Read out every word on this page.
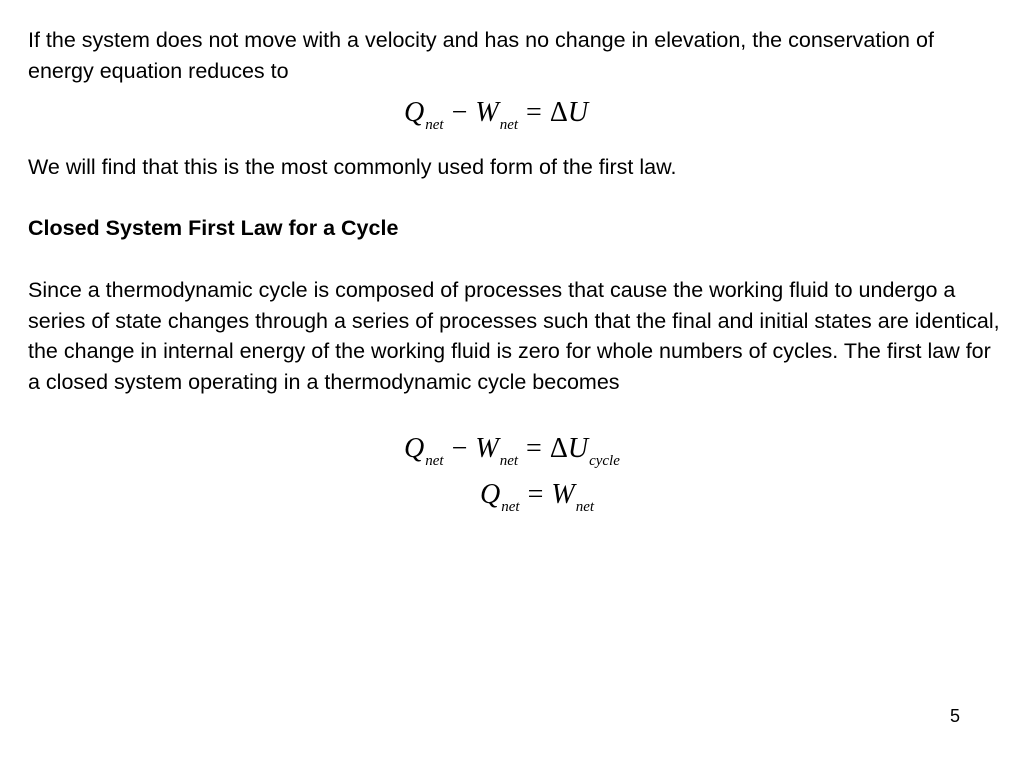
If the system does not move with a velocity and has no change in elevation, the conservation of energy equation reduces to

$Q_{net} - W_{net} = \Delta U$

We will find that this is the most commonly used form of the first law.

Closed System First Law for a Cycle

Since a thermodynamic cycle is composed of processes that cause the working fluid to undergo a series of state changes through a series of processes such that the final and initial states are identical, the change in internal energy of the working fluid is zero for whole numbers of cycles. The first law for a closed system operating in a thermodynamic cycle becomes

$Q_{net} - W_{net} = \Delta U_{cycle}$
$Q_{net} = W_{net}$
5
